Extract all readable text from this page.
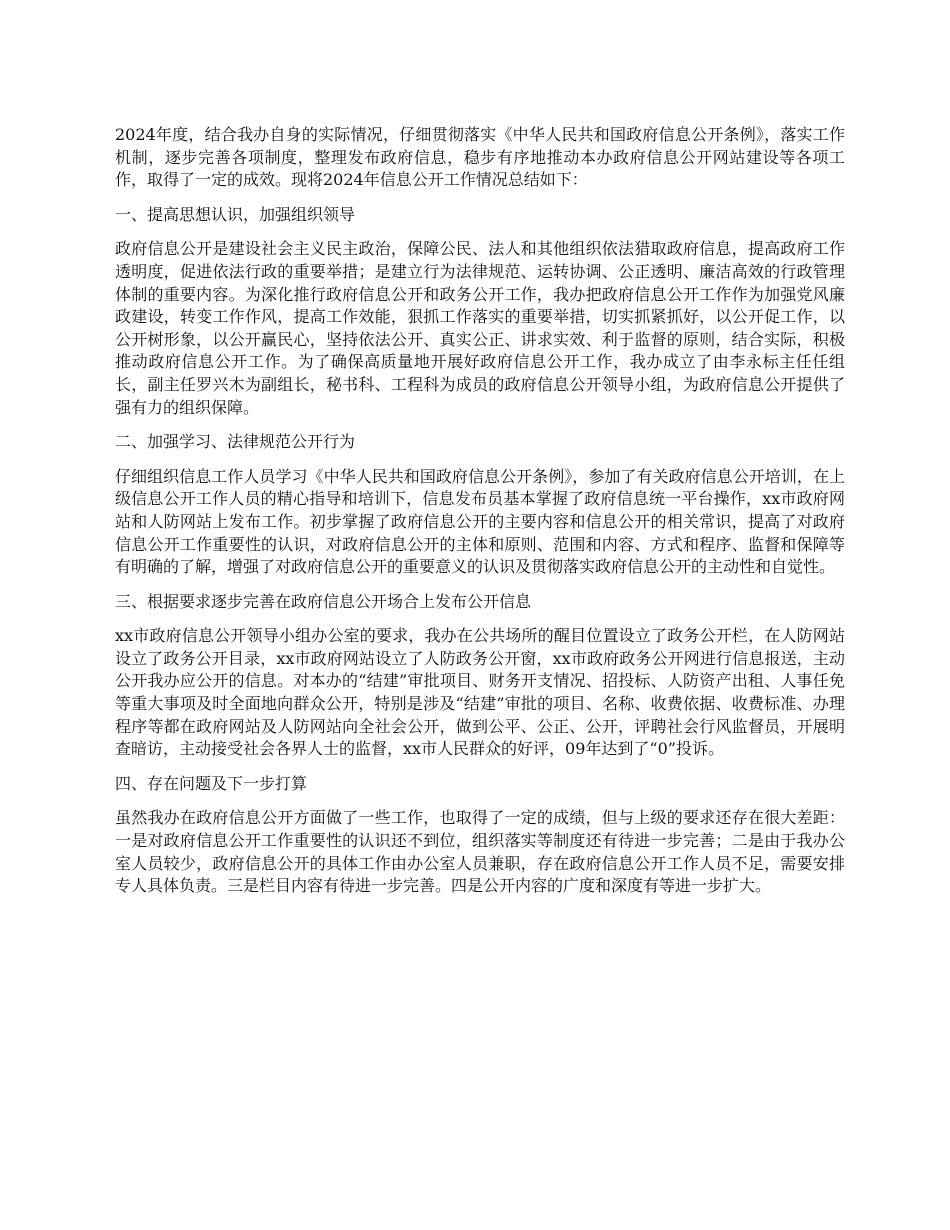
2024年度，结合我办自身的实际情况，仔细贯彻落实《中华人民共和国政府信息公开条例》，落实工作机制，逐步完善各项制度，整理发布政府信息，稳步有序地推动本办政府信息公开网站建设等各项工作，取得了一定的成效。现将2024年信息公开工作情况总结如下：

一、提高思想认识，加强组织领导

政府信息公开是建设社会主义民主政治，保障公民、法人和其他组织依法猎取政府信息，提高政府工作透明度，促进依法行政的重要举措；是建立行为法律规范、运转协调、公正透明、廉洁高效的行政管理体制的重要内容。为深化推行政府信息公开和政务公开工作，我办把政府信息公开工作作为加强党风廉政建设，转变工作作风，提高工作效能，狠抓工作落实的重要举措，切实抓紧抓好，以公开促工作，以公开树形象，以公开赢民心，坚持依法公开、真实公正、讲求实效、利于监督的原则，结合实际，积极推动政府信息公开工作。为了确保高质量地开展好政府信息公开工作，我办成立了由李永标主任任组长，副主任罗兴木为副组长，秘书科、工程科为成员的政府信息公开领导小组，为政府信息公开提供了强有力的组织保障。

二、加强学习、法律规范公开行为

仔细组织信息工作人员学习《中华人民共和国政府信息公开条例》，参加了有关政府信息公开培训，在上级信息公开工作人员的精心指导和培训下，信息发布员基本掌握了政府信息统一平台操作，xx市政府网站和人防网站上发布工作。初步掌握了政府信息公开的主要内容和信息公开的相关常识，提高了对政府信息公开工作重要性的认识，对政府信息公开的主体和原则、范围和内容、方式和程序、监督和保障等有明确的了解，增强了对政府信息公开的重要意义的认识及贯彻落实政府信息公开的主动性和自觉性。

三、根据要求逐步完善在政府信息公开场合上发布公开信息

xx市政府信息公开领导小组办公室的要求，我办在公共场所的醒目位置设立了政务公开栏，在人防网站设立了政务公开目录，xx市政府网站设立了人防政务公开窗，xx市政府政务公开网进行信息报送，主动公开我办应公开的信息。对本办的“结建”审批项目、财务开支情况、招投标、人防资产出租、人事任免等重大事项及时全面地向群众公开，特别是涉及“结建”审批的项目、名称、收费依据、收费标准、办理程序等都在政府网站及人防网站向全社会公开，做到公平、公正、公开，评聘社会行风监督员，开展明查暗访，主动接受社会各界人士的监督，xx市人民群众的好评，09年达到了“0”投诉。

四、存在问题及下一步打算

虽然我办在政府信息公开方面做了一些工作，也取得了一定的成绩，但与上级的要求还存在很大差距：一是对政府信息公开工作重要性的认识还不到位，组织落实等制度还有待进一步完善；二是由于我办公室人员较少，政府信息公开的具体工作由办公室人员兼职，存在政府信息公开工作人员不足，需要安排专人具体负责。三是栏目内容有待进一步完善。四是公开内容的广度和深度有等进一步扩大。
